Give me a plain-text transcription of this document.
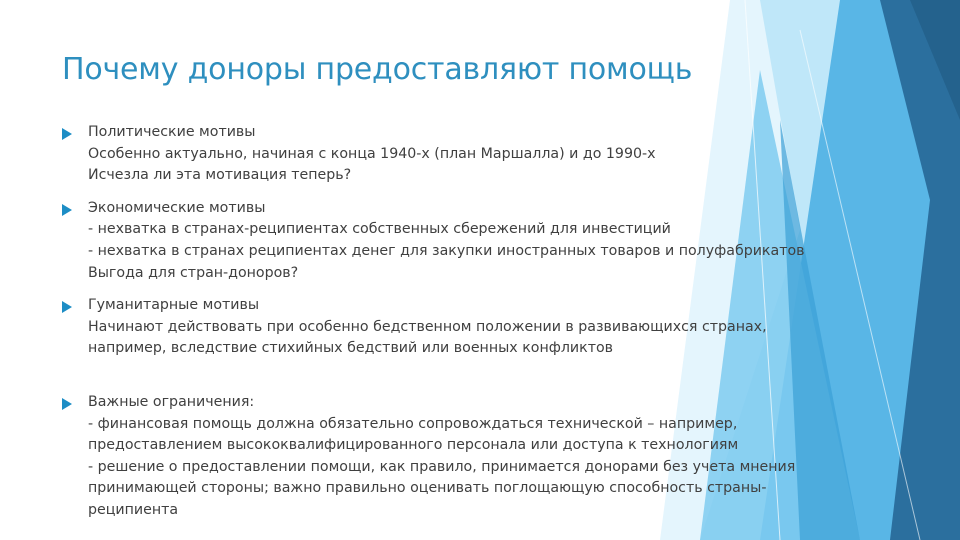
Почему доноры предоставляют помощь
Политические мотивы
Особенно актуально, начиная с конца 1940-х (план Маршалла) и до 1990-х
Исчезла ли эта мотивация теперь?
Экономические мотивы
- нехватка в странах-реципиентах собственных сбережений для инвестиций
- нехватка в странах реципиентах денег для закупки иностранных товаров и полуфабрикатов
Выгода для стран-доноров?
Гуманитарные мотивы
Начинают действовать при особенно бедственном положении в развивающихся странах,
например, вследствие стихийных бедствий или военных конфликтов
Важные ограничения:
- финансовая помощь должна обязательно сопровождаться технической – например,
предоставлением высококвалифицированного персонала или доступа к технологиям
- решение о предоставлении помощи, как правило, принимается донорами без учета мнения
принимающей стороны; важно правильно оценивать поглощающую способность страны-
реципиента
